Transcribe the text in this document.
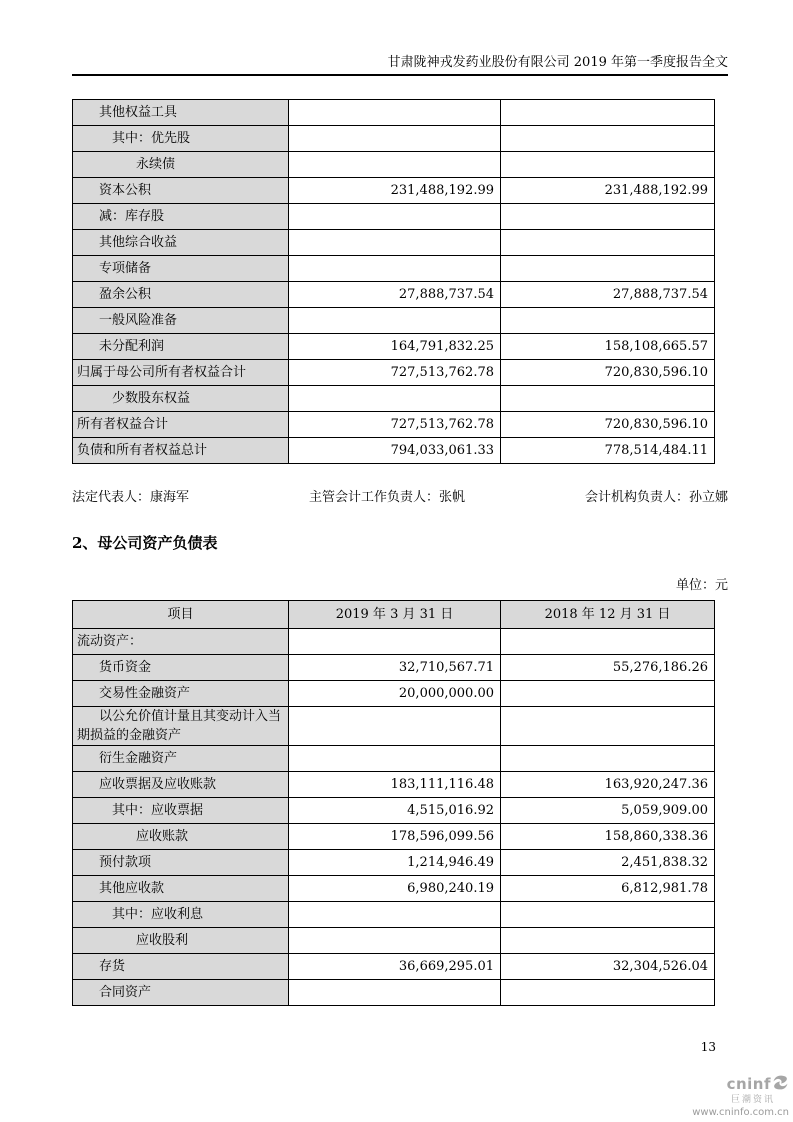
甘肃陇神戎发药业股份有限公司 2019 年第一季度报告全文
其他权益工具		
其中：优先股		
永续债		
资本公积	231,488,192.99	231,488,192.99
减：库存股		
其他综合收益		
专项储备		
盈余公积	27,888,737.54	27,888,737.54
一般风险准备		
未分配利润	164,791,832.25	158,108,665.57
归属于母公司所有者权益合计	727,513,762.78	720,830,596.10
少数股东权益		
所有者权益合计	727,513,762.78	720,830,596.10
负债和所有者权益总计	794,033,061.33	778,514,484.11
法定代表人：康海军	主管会计工作负责人：张帆	会计机构负责人：孙立娜
2、母公司资产负债表
单位：元
项目	2019 年 3 月 31 日	2018 年 12 月 31 日
流动资产：		
货币资金	32,710,567.71	55,276,186.26
交易性金融资产	20,000,000.00	
以公允价值计量且其变动计入当期损益的金融资产		
衍生金融资产		
应收票据及应收账款	183,111,116.48	163,920,247.36
其中：应收票据	4,515,016.92	5,059,909.00
应收账款	178,596,099.56	158,860,338.36
预付款项	1,214,946.49	2,451,838.32
其他应收款	6,980,240.19	6,812,981.78
其中：应收利息		
应收股利		
存货	36,669,295.01	32,304,526.04
合同资产		
13
cninf
巨潮资讯
www.cninfo.com.cn
